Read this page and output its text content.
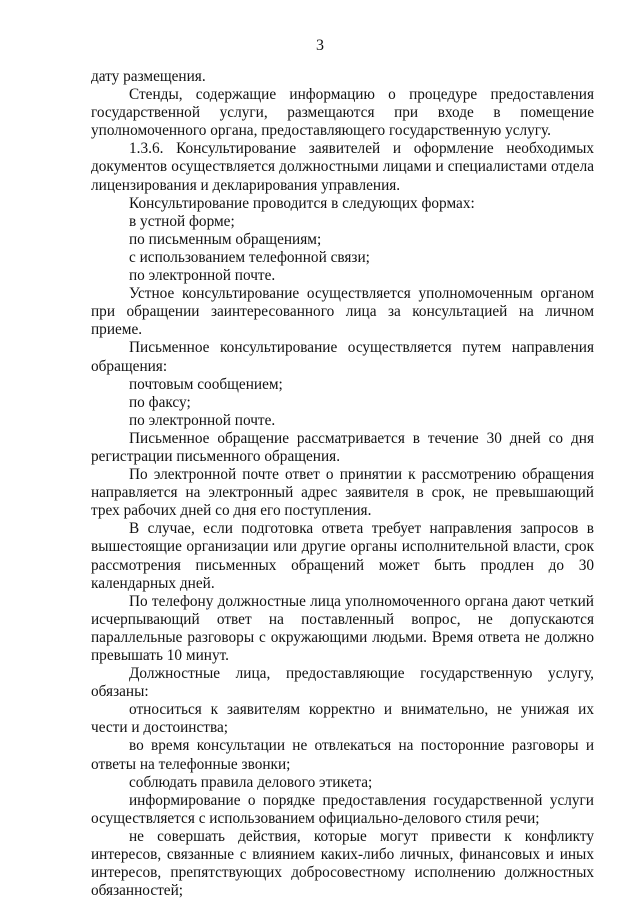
3

дату размещения.

Стенды, содержащие информацию о процедуре предоставления государственной услуги, размещаются при входе в помещение уполномоченного органа, предоставляющего государственную услугу.

1.3.6. Консультирование заявителей и оформление необходимых документов осуществляется должностными лицами и специалистами отдела лицензирования и декларирования управления.

Консультирование проводится в следующих формах:

в устной форме;

по письменным обращениям;

с использованием телефонной связи;

по электронной почте.

Устное консультирование осуществляется уполномоченным органом при обращении заинтересованного лица за консультацией на личном приеме.

Письменное консультирование осуществляется путем направления обращения:

почтовым сообщением;

по факсу;

по электронной почте.

Письменное обращение рассматривается в течение 30 дней со дня регистрации письменного обращения.

По электронной почте ответ о принятии к рассмотрению обращения направляется на электронный адрес заявителя в срок, не превышающий трех рабочих дней со дня его поступления.

В случае, если подготовка ответа требует направления запросов в вышестоящие организации или другие органы исполнительной власти, срок рассмотрения письменных обращений может быть продлен до 30 календарных дней.

По телефону должностные лица уполномоченного органа дают четкий исчерпывающий ответ на поставленный вопрос, не допускаются параллельные разговоры с окружающими людьми. Время ответа не должно превышать 10 минут.

Должностные лица, предоставляющие государственную услугу, обязаны:

относиться к заявителям корректно и внимательно, не унижая их чести и достоинства;

во время консультации не отвлекаться на посторонние разговоры и ответы на телефонные звонки;

соблюдать правила делового этикета;

информирование о порядке предоставления государственной услуги осуществляется с использованием официально-делового стиля речи;

не совершать действия, которые могут привести к конфликту интересов, связанные с влиянием каких-либо личных, финансовых и иных интересов, препятствующих добросовестному исполнению должностных обязанностей;
